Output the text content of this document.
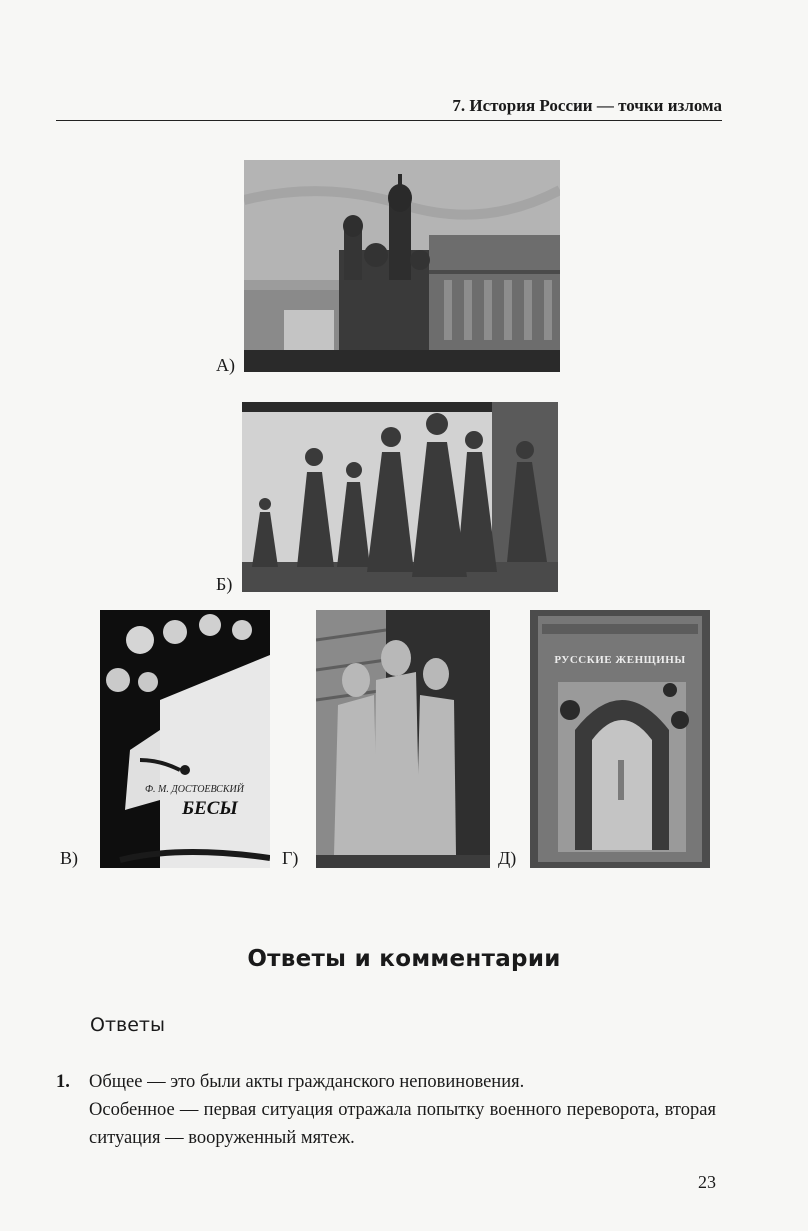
7. История России — точки излома
А)
Б)
В)
Ф. М. ДОСТОЕВСКИЙ
БЕСЫ
Г)	Д)
РУССКИЕ ЖЕНЩИНЫ
Ответы и комментарии
Ответы
1. Общее — это были акты гражданского неповиновения.

Особенное — первая ситуация отражала попытку военного переворота, вторая ситуация — вооруженный мятеж.

23
